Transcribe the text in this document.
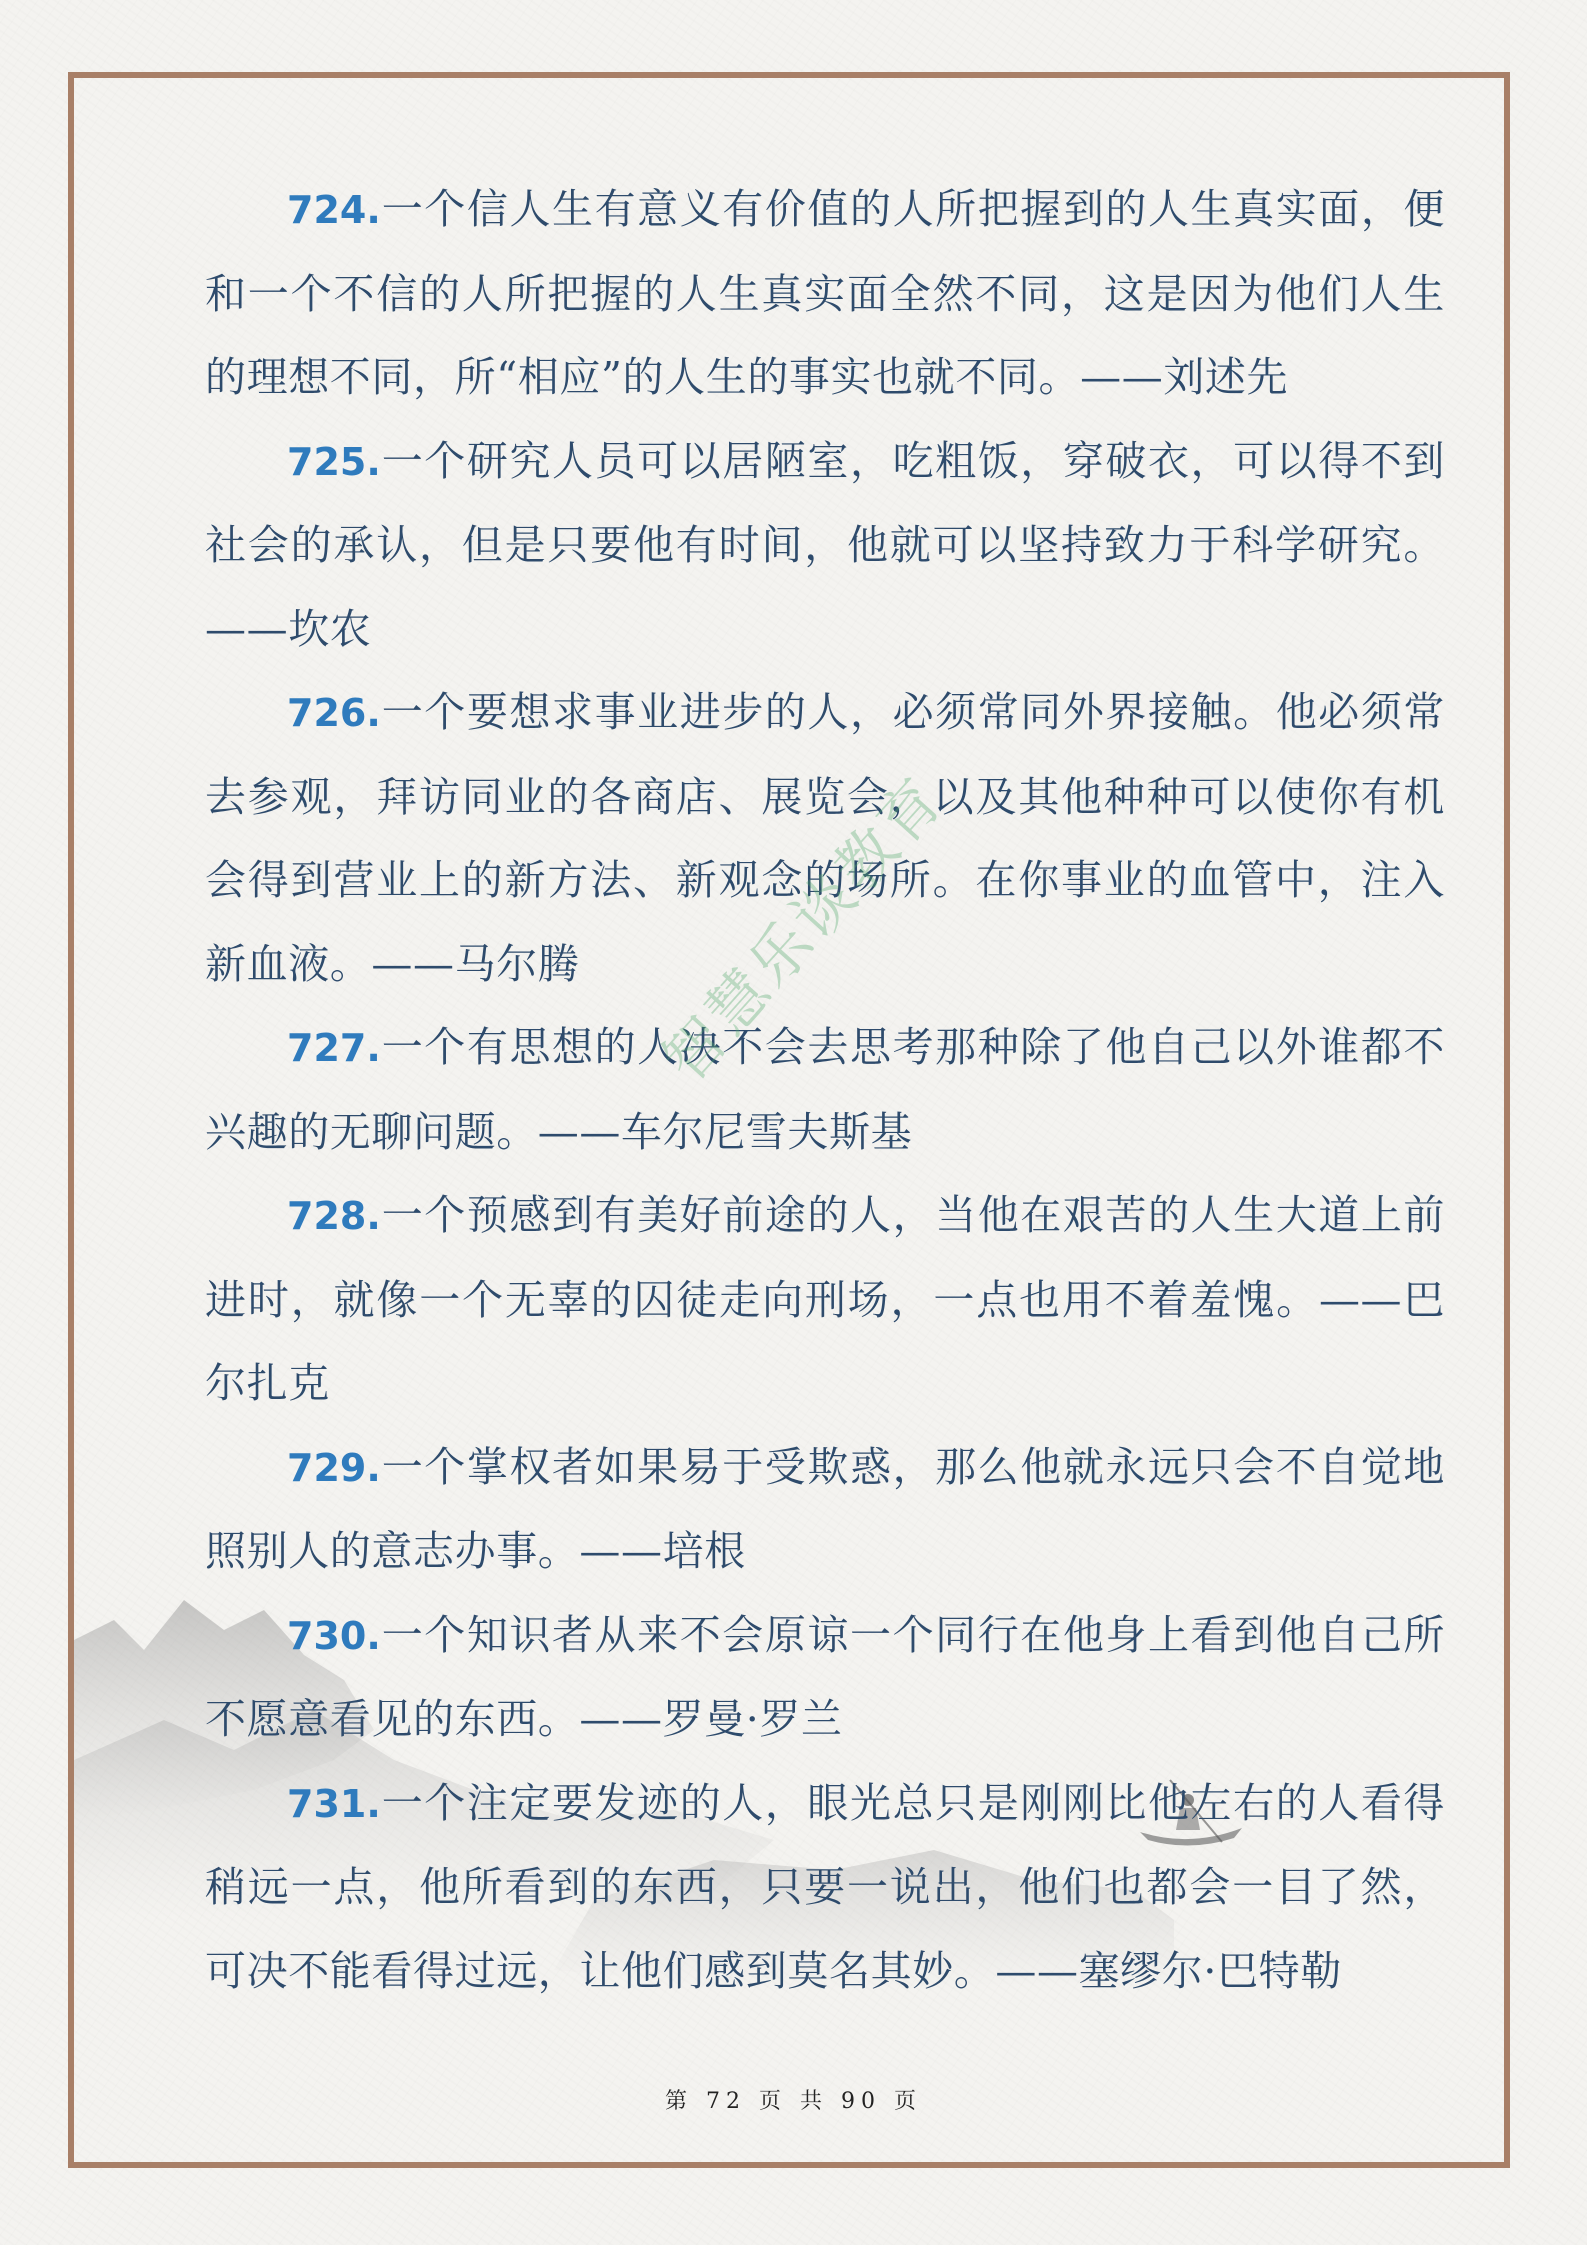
724.一个信人生有意义有价值的人所把握到的人生真实面，便和一个不信的人所把握的人生真实面全然不同，这是因为他们人生的理想不同，所“相应”的人生的事实也就不同。——刘述先

725.一个研究人员可以居陋室，吃粗饭，穿破衣，可以得不到社会的承认，但是只要他有时间，他就可以坚持致力于科学研究。——坎农

726.一个要想求事业进步的人，必须常同外界接触。他必须常去参观，拜访同业的各商店、展览会，以及其他种种可以使你有机会得到营业上的新方法、新观念的场所。在你事业的血管中，注入新血液。——马尔腾

727.一个有思想的人决不会去思考那种除了他自己以外谁都不兴趣的无聊问题。——车尔尼雪夫斯基

728.一个预感到有美好前途的人，当他在艰苦的人生大道上前进时，就像一个无辜的囚徒走向刑场，一点也用不着羞愧。——巴尔扎克

729.一个掌权者如果易于受欺惑，那么他就永远只会不自觉地照别人的意志办事。——培根

730.一个知识者从来不会原谅一个同行在他身上看到他自己所不愿意看见的东西。——罗曼·罗兰

731.一个注定要发迹的人，眼光总只是刚刚比他左右的人看得稍远一点，他所看到的东西，只要一说出，他们也都会一目了然，可决不能看得过远，让他们感到莫名其妙。——塞缪尔·巴特勒

智慧乐谈教育
第 72 页 共 90 页
